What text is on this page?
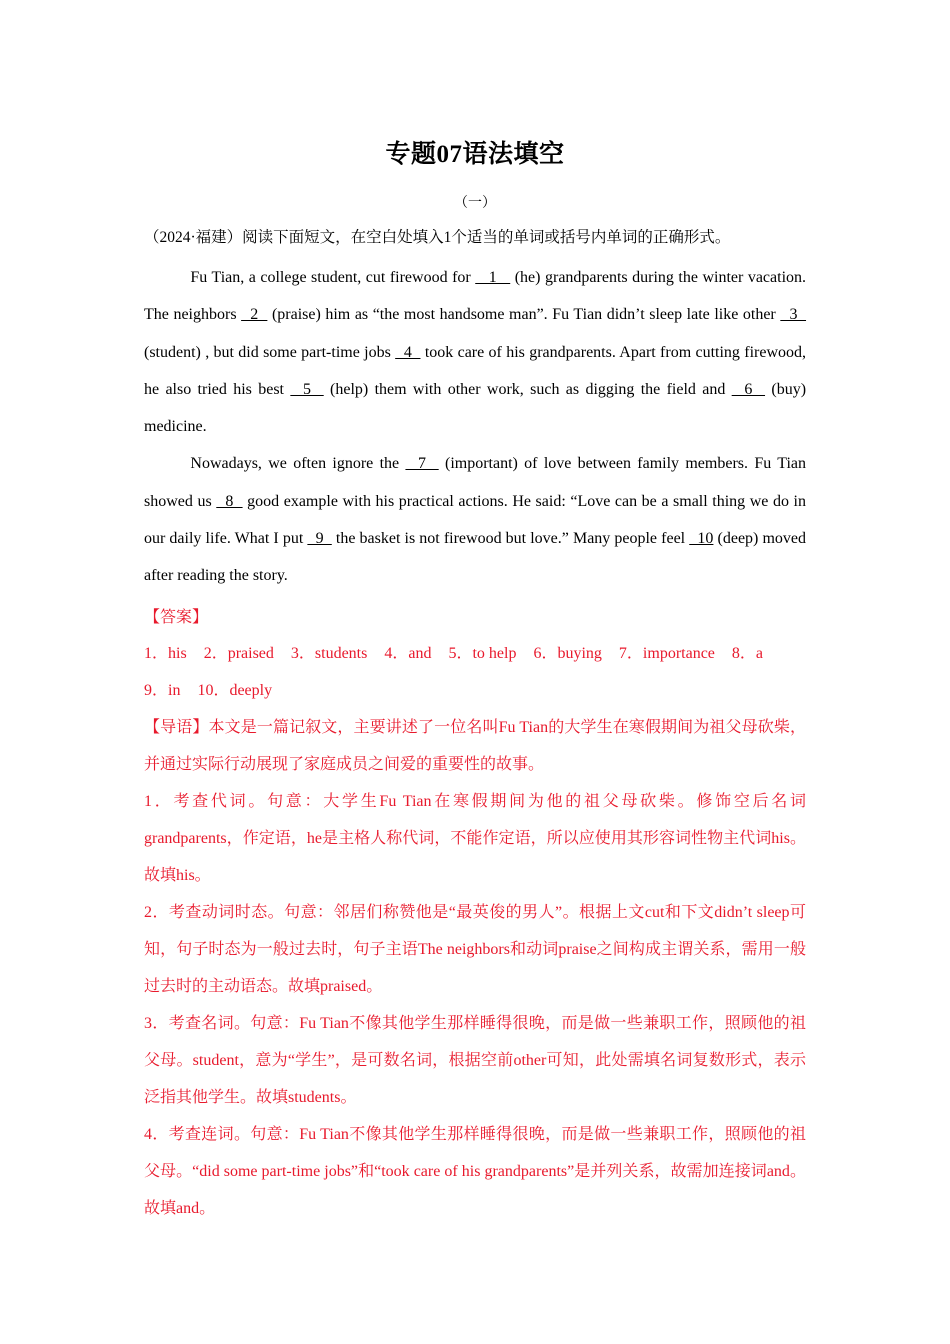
专题07语法填空
（一）

（2024·福建）阅读下面短文，在空白处填入1个适当的单词或括号内单词的正确形式。

Fu Tian, a college student, cut firewood for    1    (he) grandparents during the winter vacation. The neighbors   2   (praise) him as “the most handsome man”. Fu Tian didn’t sleep late like other   3   (student) , but did some part-time jobs   4   took care of his grandparents. Apart from cutting firewood, he also tried his best   5   (help) them with other work, such as digging the field and   6   (buy) medicine.

Nowadays, we often ignore the   7   (important) of love between family members. Fu Tian showed us   8   good example with his practical actions. He said: “Love can be a small thing we do in our daily life. What I put   9   the basket is not firewood but love.” Many people feel   10 (deep) moved after reading the story.

【答案】

1．his 2．praised 3．students 4．and 5．to help 6．buying 7．importance 8．a 9．in 10．deeply

【导语】本文是一篇记叙文，主要讲述了一位名叫Fu Tian的大学生在寒假期间为祖父母砍柴，并通过实际行动展现了家庭成员之间爱的重要性的故事。

1．考查代词。句意：大学生Fu Tian在寒假期间为他的祖父母砍柴。修饰空后名词grandparents，作定语，he是主格人称代词，不能作定语，所以应使用其形容词性物主代词his。故填his。

2．考查动词时态。句意：邻居们称赞他是“最英俊的男人”。根据上文cut和下文didn’t sleep可知，句子时态为一般过去时，句子主语The neighbors和动词praise之间构成主谓关系，需用一般过去时的主动语态。故填praised。

3．考查名词。句意：Fu Tian不像其他学生那样睡得很晚，而是做一些兼职工作，照顾他的祖父母。student，意为“学生”，是可数名词，根据空前other可知，此处需填名词复数形式，表示泛指其他学生。故填students。

4．考查连词。句意：Fu Tian不像其他学生那样睡得很晚，而是做一些兼职工作，照顾他的祖父母。“did some part-time jobs”和“took care of his grandparents”是并列关系，故需加连接词and。故填and。
